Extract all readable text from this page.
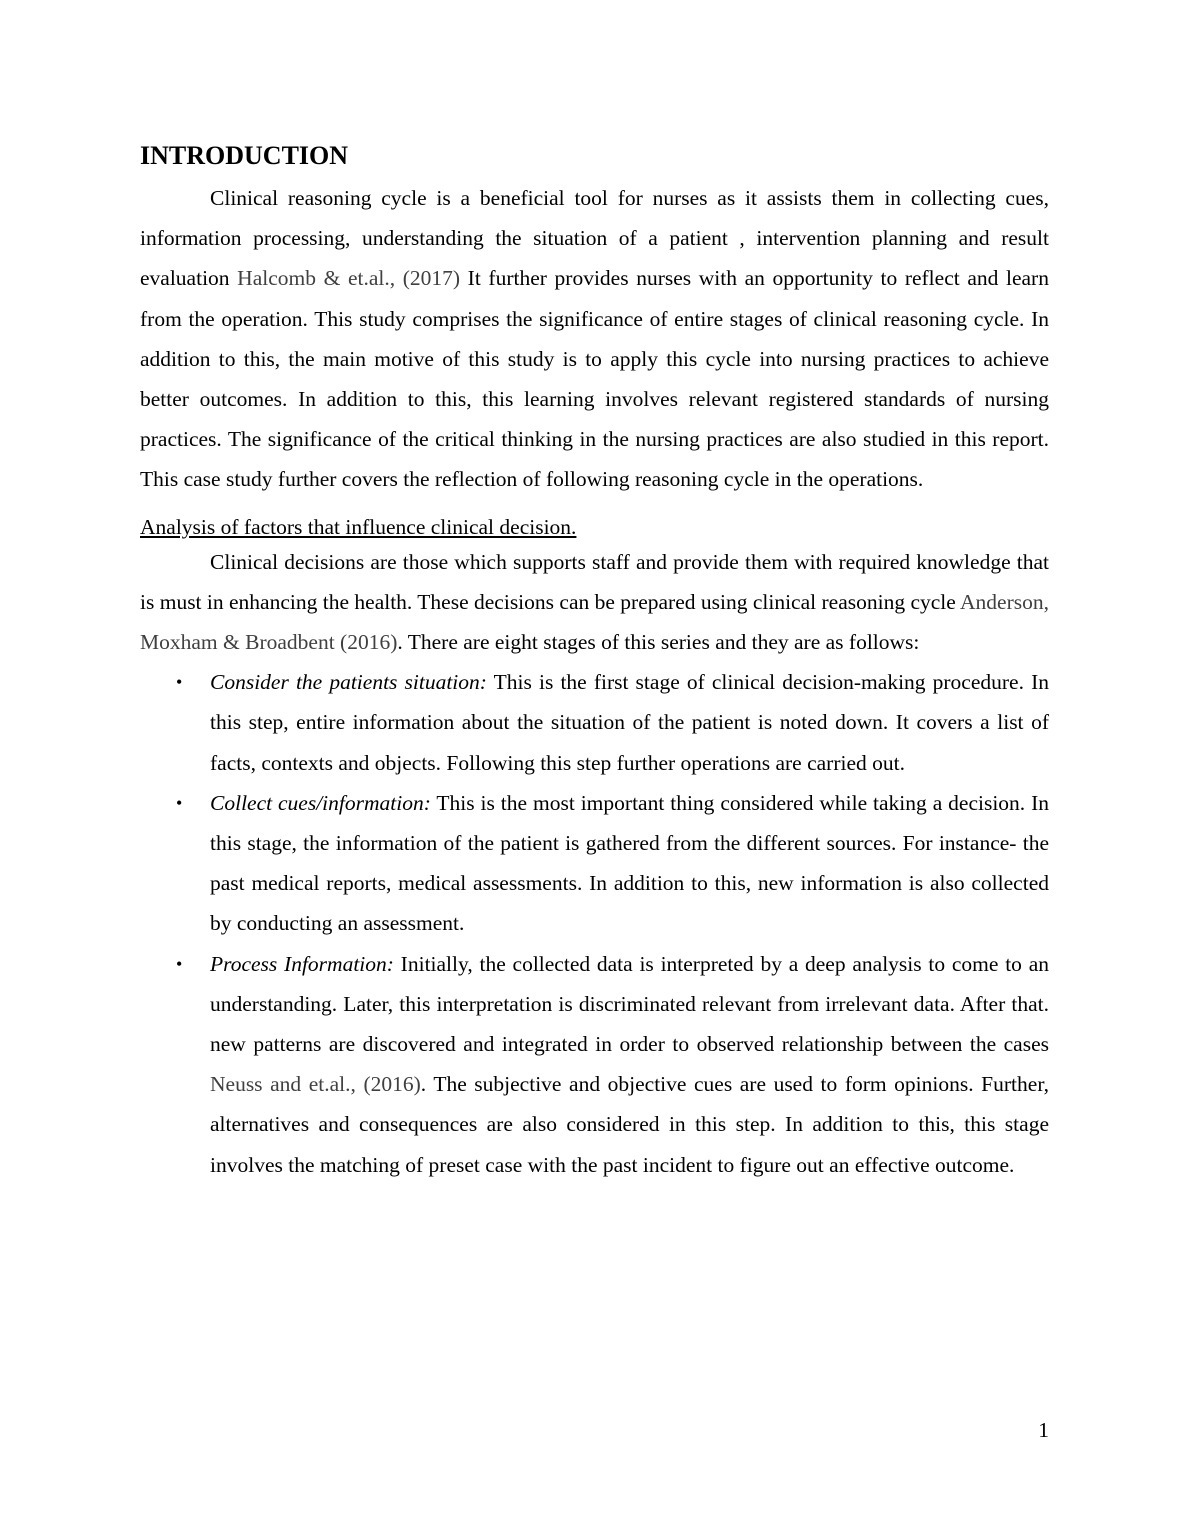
INTRODUCTION

Clinical reasoning cycle is a beneficial tool for nurses as it assists them in collecting cues, information processing, understanding the situation of a patient , intervention planning and result evaluation Halcomb & et.al., (2017) It further provides nurses with an opportunity to reflect and learn from the operation. This study comprises the significance of entire stages of clinical reasoning cycle. In addition to this, the main motive of this study is to apply this cycle into nursing practices to achieve better outcomes. In addition to this, this learning involves relevant registered standards of nursing practices. The significance of the critical thinking in the nursing practices are also studied in this report. This case study further covers the reflection of following reasoning cycle in the operations.

Analysis of factors that influence clinical decision.

Clinical decisions are those which supports staff and provide them with required knowledge that is must in enhancing the health. These decisions can be prepared using clinical reasoning cycle Anderson, Moxham & Broadbent (2016). There are eight stages of this series and they are as follows:

• Consider the patients situation: This is the first stage of clinical decision-making procedure. In this step, entire information about the situation of the patient is noted down. It covers a list of facts, contexts and objects. Following this step further operations are carried out.
• Collect cues/information: This is the most important thing considered while taking a decision. In this stage, the information of the patient is gathered from the different sources. For instance- the past medical reports, medical assessments. In addition to this, new information is also collected by conducting an assessment.
• Process Information: Initially, the collected data is interpreted by a deep analysis to come to an understanding. Later, this interpretation is discriminated relevant from irrelevant data. After that. new patterns are discovered and integrated in order to observed relationship between the cases Neuss and et.al., (2016). The subjective and objective cues are used to form opinions. Further, alternatives and consequences are also considered in this step. In addition to this, this stage involves the matching of preset case with the past incident to figure out an effective outcome.
1
